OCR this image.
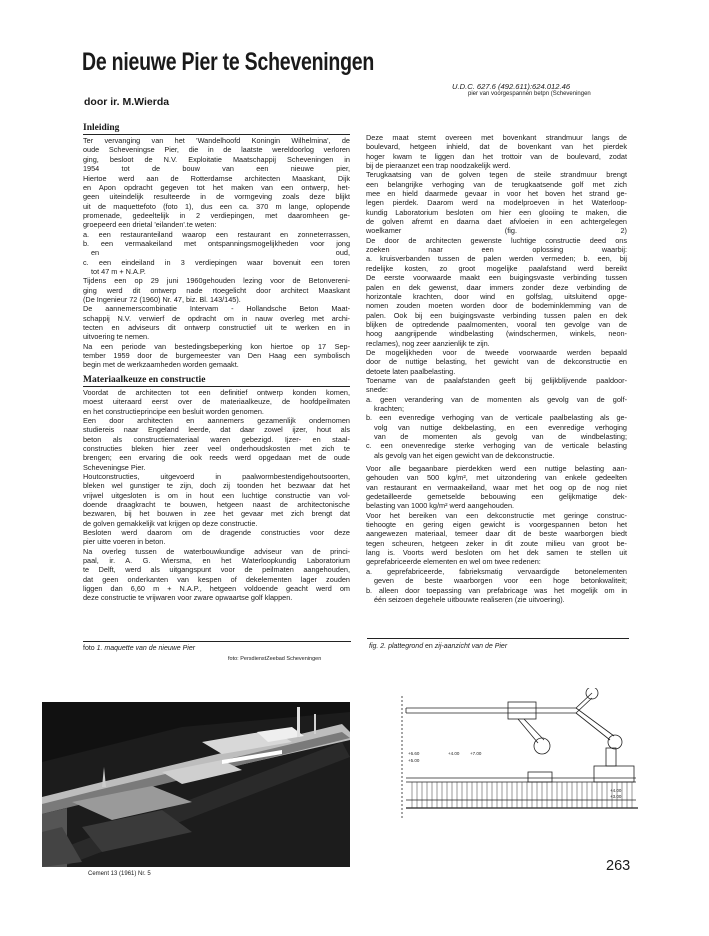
De nieuwe Pier te Scheveningen
door ir. M.Wierda
U.D.C. 627.6 (492.611):624.012.46
pier van voorgespannen betpn (Scheveningen
Inleiding
Ter vervanging van het 'Wandelhoofd Koningin Wilhelmina', de
oude Scheveningse Pier, die in de laatste wereldoorlog verloren
ging, besloot de N.V. Exploitatie Maatschappij Scheveningen in
1954 tot de bouw van een nieuwe pier,
Hiertoe werd aan de Rotterdamse architecten Maaskant, Dijk
en Apon opdracht gegeven tot het maken van een ontwerp, het-
geen uiteindelijk resulteerde in de vormgeving zoals deze blijkt
uit de maquettefoto (foto 1), dus een ca. 370 m lange, oplopende
promenade, gedeeltelijk in 2 verdiepingen, met daaromheen ge-
groepeerd een drietal 'eilanden'.te weten:
a. een restauranteiland waarop een restaurant en zonneterrassen,
b. een vermaakeiland met ontspanningsmogelijkheden voor jong
en oud,
c. een eindeiland in 3 verdiepingen waar bovenuit een toren
tot 47 m + N.A.P.
Tijdens een op 29 juni 1960gehouden lezing voor de Betonvereni-
ging werd dit ontwerp nade rtoegelicht door architect Maaskant
(De Ingenieur 72 (1960) Nr. 47, biz. Bl. 143/145).
De aannemerscombinatie Intervam - Hollandsche Beton Maat-
schappij N.V. verwierf de opdracht om in nauw overleg met archi-
tecten en adviseurs dit ontwerp constructief uit te werken en in
uitvoering te nemen.
Na een periode van bestedingsbeperking kon hiertoe op 17 Sep-
tember 1959 door de burgemeester van Den Haag een symbolisch
begin met de werkzaamheden worden gemaakt.
Materiaalkeuze en constructie
Voordat de architecten tot een definitief ontwerp konden komen,
moest uiteraard eerst over de materiaalkeuze, de hoofdpeilmaten
en het constructieprincipe een besluit worden genomen.
Een door architecten en aannemers gezamenlijk ondernomen
studiereis naar Engeland leerde, dat daar zowel ijzer, hout als
beton als constructiemateriaal waren gebezigd. Ijzer- en staal-
constructies bleken hier zeer veel onderhoudskosten met zich te
brengen; een ervaring die ook reeds werd opgedaan met de oude
Scheveningse Pier.
Houtconstructies, uitgevoerd in paalwormbestendigehoutsoorten,
bleken wel gunstiger te zijn, doch zij toonden het bezwaar dat het
vrijwel uitgesloten is om in hout een luchtige constructie van vol-
doende draagkracht te bouwen, hetgeen naast de architectonische
bezwaren, bij het bouwen in zee het gevaar met zich brengt dat
de golven gemakkelijk vat krijgen op deze constructie.
Besloten werd daarom om de dragende constructies voor deze
pier uitte voeren in beton.
Na overleg tussen de waterbouwkundige adviseur van de princi-
paal, ir. A. G. Wiersma, en het Waterloopkundig Laboratorium
te Delft, werd als uitgangspunt voor de peilmaten aangehouden,
dat geen onderkanten van kespen of dekelementen lager zouden
liggen dan 6,60 m + N.A.P., hetgeen voldoende geacht werd om
deze constructie te vrijwaren voor zware opwaartse golf klappen.
Deze maat stemt overeen met bovenkant strandmuur langs de
boulevard, hetgeen inhield, dat de bovenkant van het pierdek
hoger kwam te liggen dan het trottoir van de boulevard, zodat
bij de pieraanzet een trap noodzakelijk werd.
Terugkaatsing van de golven tegen de steile strandmuur brengt
een belangrijke verhoging van de terugkaatsende golf met zich
mee en hield daarmede gevaar in voor het boven het strand ge-
legen pierdek. Daarom werd na modelproeven in het Waterloop-
kundig Laboratorium besloten om hier een glooiing te maken, die
de golven afremt en daarna daet afvloeien in een achtergelegen
woelkamer (fig. 2)
De door de architecten gewenste luchtige constructie deed ons
zoeken naar een oplossing waarbij:
a. kruisverbanden tussen de palen werden vermeden; b. een, bij
redelijke kosten, zo groot mogelijke paalafstand werd bereikt
De eerste voorwaarde maakt een buigingsvaste verbinding tussen
palen en dek gewenst, daar immers zonder deze verbinding de
horizontale krachten, door wind en golfslag, uitsluitend opge-
nomen zouden moeten worden door de bodeminklemming van de
palen. Ook bij een buigingsvaste verbinding tussen palen en dek
blijken de optredende paalmomenten, vooral ten gevolge van de
hoog aangrijpende windbelasting (windschermen, winkels, neon-
reclames), nog zeer aanzienlijk te zijn.
De mogelijkheden voor de tweede voorwaarde werden bepaald
door de nuttige belasting, het gewicht van de dekconstructie en
detoete laten paalbelasting.
Toename van de paalafstanden geeft bij gelijkblijvende paaldoor-
snede:
a. geen verandering van de momenten als gevolg van de golf-
krachten;
b. een evenredige verhoging van de verticale paalbelasting als ge-
volg van nuttige dekbelasting, en een evenredige verhoging
van de momenten als gevolg van de windbelasting;
c. een onevenredige sterke verhoging van de verticale belasting
als gevolg van het eigen gewicht van de dekconstructie.
Voor alle begaanbare pierdekken werd een nuttige belasting aan-
gehouden van 500 kg/m², met uitzondering van enkele gedeelten
van restaurant en vermaakeiland, waar met het oog op de nog niet
gedetailleerde gemetselde bebouwing een gelijkmatige dek-
belasting van 1000 kg/m² werd aangehouden.
Voor het bereiken van een dekconstructie met geringe construc-
tiehoogte en gering eigen gewicht is voorgespannen beton het
aangewezen materiaal, temeer daar dit de beste waarborgen biedt
tegen scheuren, hetgeen zeker in dit zoute milieu van groot be-
lang is. Voorts werd besloten om het dek samen te stellen uit
geprefabriceerde elementen en wel om twee redenen:
a. geprefabriceerde, fabrieksmatig vervaardigde betonelementen
geven de beste waarborgen voor een hoge betonkwaliteit;
b. alleen door toepassing van prefabricage was het mogelijk om in
één seizoen degehele uitbouwte realiseren (zie uitvoering).
foto 1. maquette van de nieuwe Pier
foto: PersdienstZeebad Scheveningen
fig. 2. plattegrond en zij-aanzicht van de Pier
+6.60
+5.00
+4.00 +7.00
+4.00
+3.00
Cement 13 (1961) Nr. 5	263
